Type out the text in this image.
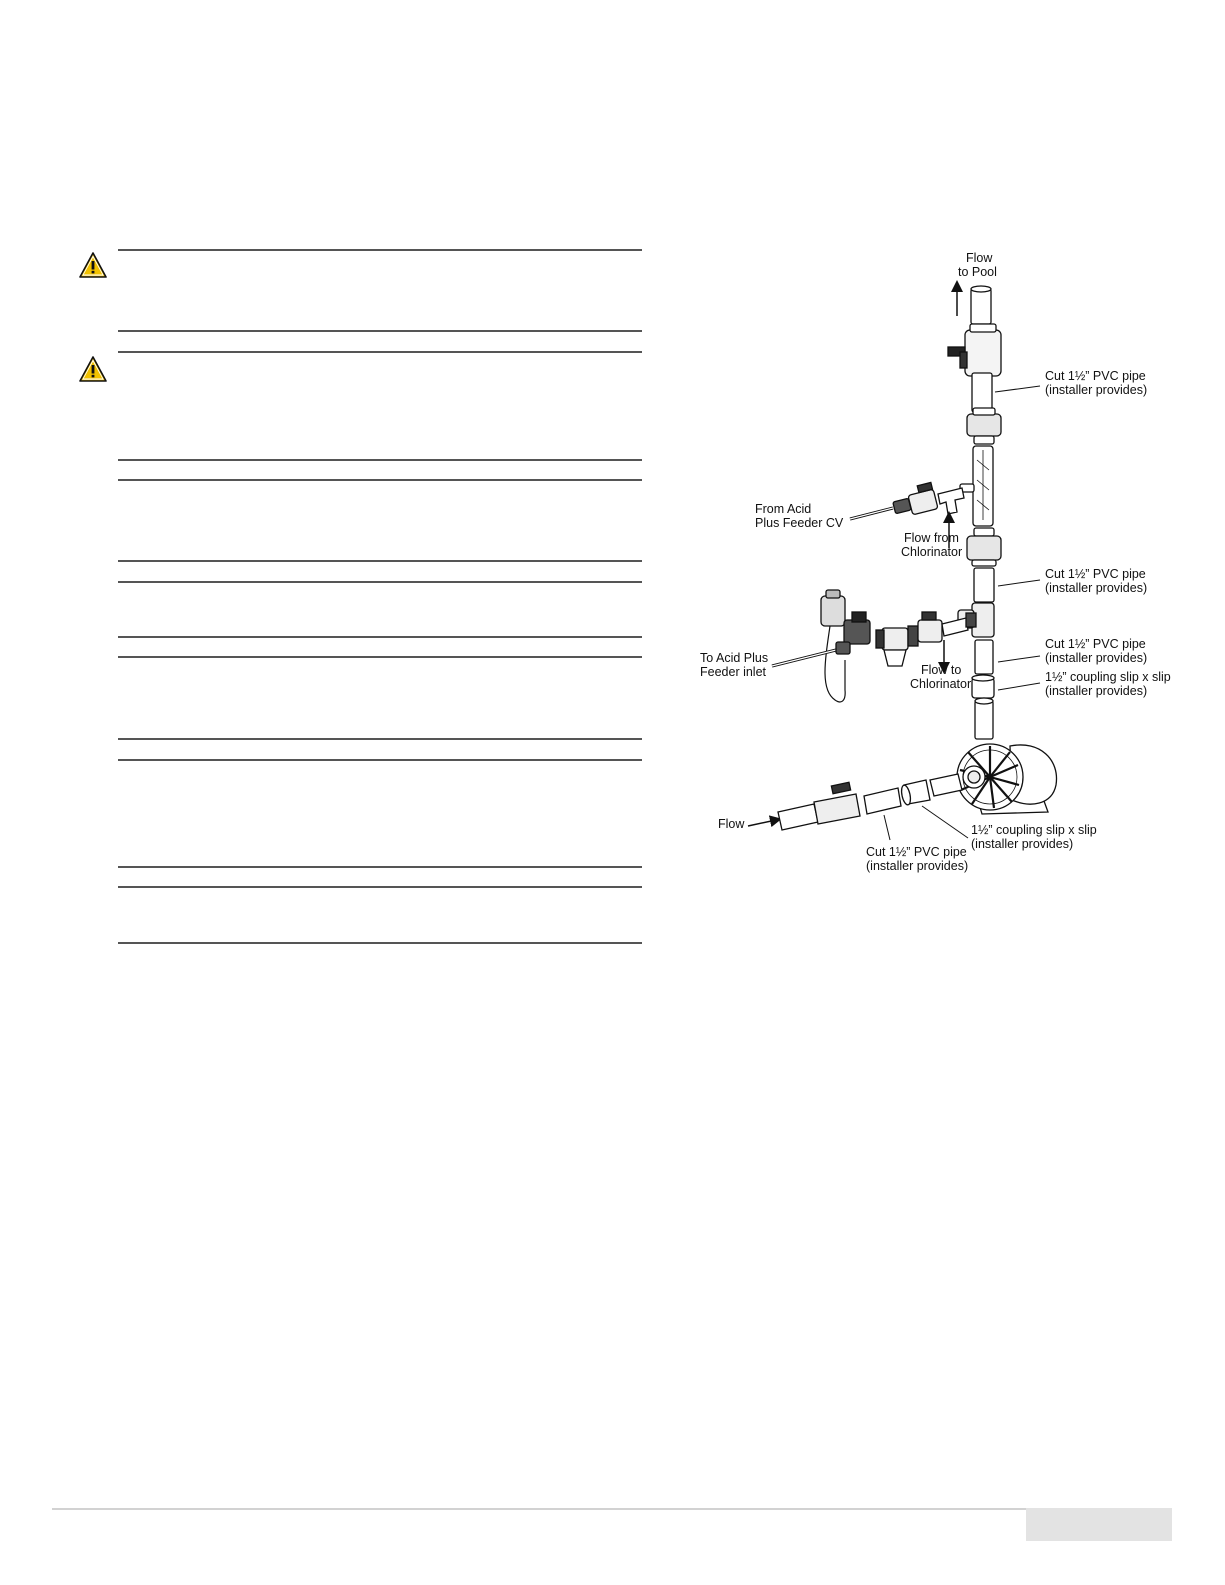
Flow to Pool
Cut 1½” PVC pipe (installer provides)
From Acid Plus Feeder CV
Flow from Chlorinator
Cut 1½” PVC pipe (installer provides)
Cut 1½” PVC pipe (installer provides)
To Acid Plus Feeder inlet	Flow to Chlorinator	1½” coupling slip x slip (installer provides)
Flow	1½” coupling slip x slip (installer provides)
Cut 1½” PVC pipe (installer provides)
